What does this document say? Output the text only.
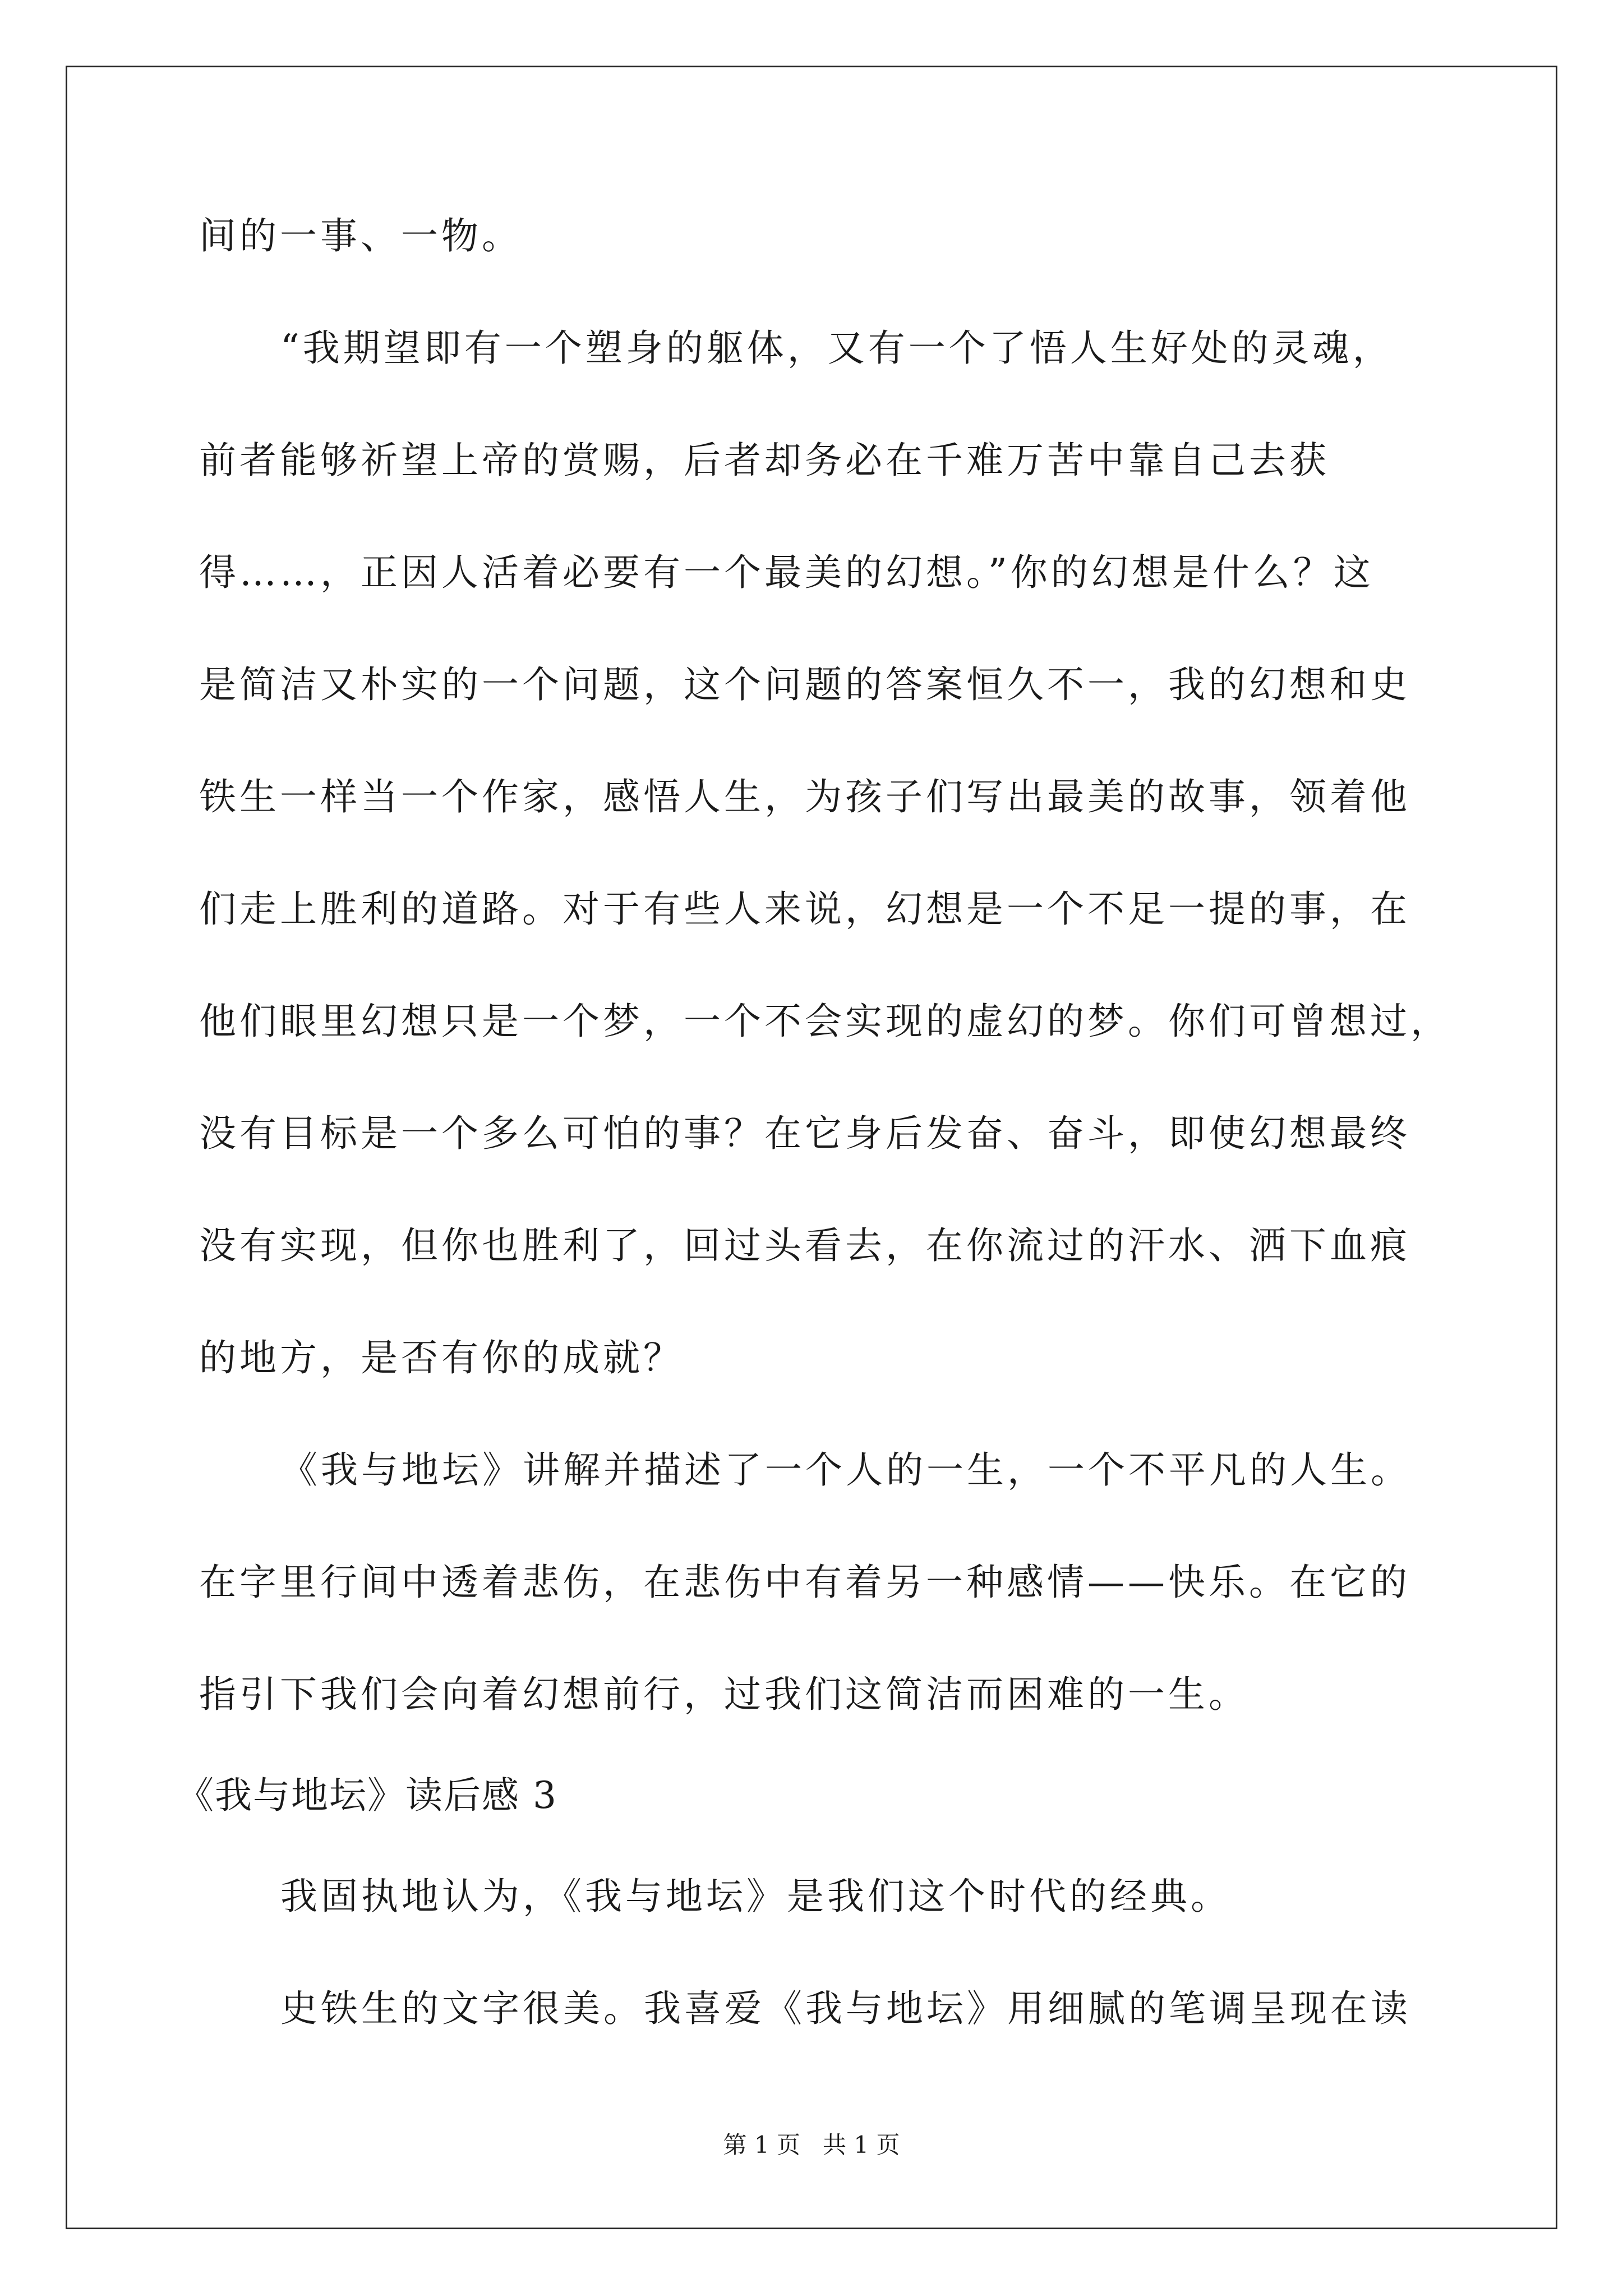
间的一事、一物。
“我期望即有一个塑身的躯体，又有一个了悟人生好处的灵魂，
前者能够祈望上帝的赏赐，后者却务必在千难万苦中靠自己去获
得……，正因人活着必要有一个最美的幻想。”你的幻想是什么？这
是简洁又朴实的一个问题，这个问题的答案恒久不一，我的幻想和史
铁生一样当一个作家，感悟人生，为孩子们写出最美的故事，领着他
们走上胜利的道路。对于有些人来说，幻想是一个不足一提的事，在
他们眼里幻想只是一个梦，一个不会实现的虚幻的梦。你们可曾想过，
没有目标是一个多么可怕的事？在它身后发奋、奋斗，即使幻想最终
没有实现，但你也胜利了，回过头看去，在你流过的汗水、洒下血痕
的地方，是否有你的成就？
《我与地坛》讲解并描述了一个人的一生，一个不平凡的人生。
在字里行间中透着悲伤，在悲伤中有着另一种感情——快乐。在它的
指引下我们会向着幻想前行，过我们这简洁而困难的一生。
《我与地坛》读后感 3
我固执地认为，《我与地坛》是我们这个时代的经典。
史铁生的文字很美。我喜爱《我与地坛》用细腻的笔调呈现在读
第 1 页   共 1 页
